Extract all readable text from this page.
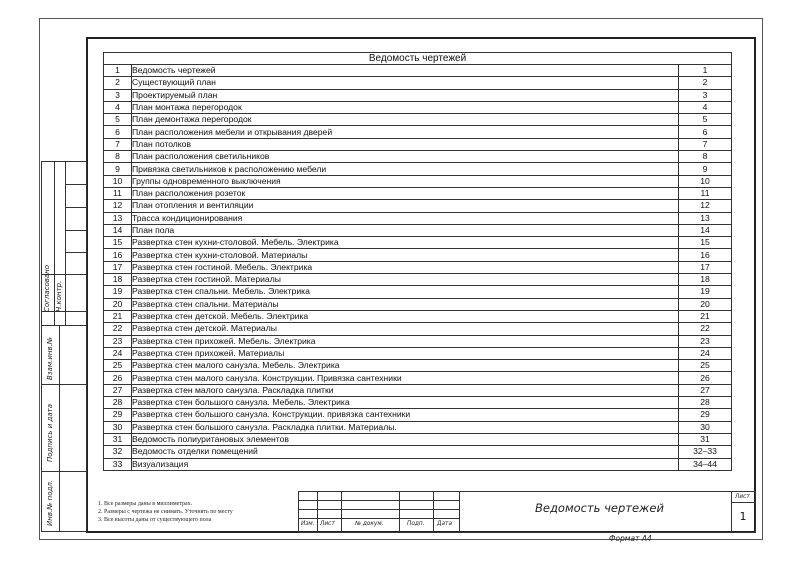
Ведомость чертежей		
1	Ведомость чертежей	1
2	Существующий план	2
3	Проектируемый план	3
4	План монтажа перегородок	4
5	План демонтажа перегородок	5
6	План расположения мебели и открывания дверей	6
7	План потолков	7
8	План расположения светильников	8
9	Привязка светильников к расположению мебели	9
10	Группы одновременного выключения	10
11	План расположения розеток	11
12	План отопления и вентиляции	12
13	Трасса кондиционирования	13
14	План пола	14
15	Развертка стен кухни-столовой. Мебель. Электрика	15
16	Развертка стен кухни-столовой. Материалы	16
17	Развертка стен гостиной. Мебель. Электрика	17
18	Развертка стен гостиной. Материалы	18
19	Развертка стен спальни. Мебель. Электрика	19
20	Развертка стен спальни. Материалы	20
21	Развертка стен детской. Мебель. Электрика	21
22	Развертка стен детской. Материалы	22
23	Развертка стен прихожей. Мебель. Электрика	23
24	Развертка стен прихожей. Материалы	24
25	Развертка стен малого санузла. Мебель. Электрика	25
26	Развертка стен малого санузла. Конструкции. Привязка сантехники	26
27	Развертка стен малого санузла. Раскладка плитки	27
28	Развертка стен большого санузла. Мебель. Электрика	28
29	Развертка стен большого санузла. Конструкции. привязка сантехники	29
30	Развертка стен большого санузла. Раскладка плитки. Материалы.	30
31	Ведомость полиуритановых элементов	31
32	Ведомость отделки помещений	32–33
33	Визуализация	34–44
Согласовано Н.контр.
Взам.инв.№
Подпись и дата
Инв.№ подл.	1. Все размеры даны в миллиметрах.
2. Размеры с чертежа не снимать. Уточнять по месту
3. Все высоты даны от существующего пола
Изм. Лист	№ докум.	Подп. Дата
Лист
1
Ведомость чертежей
Формат А4
